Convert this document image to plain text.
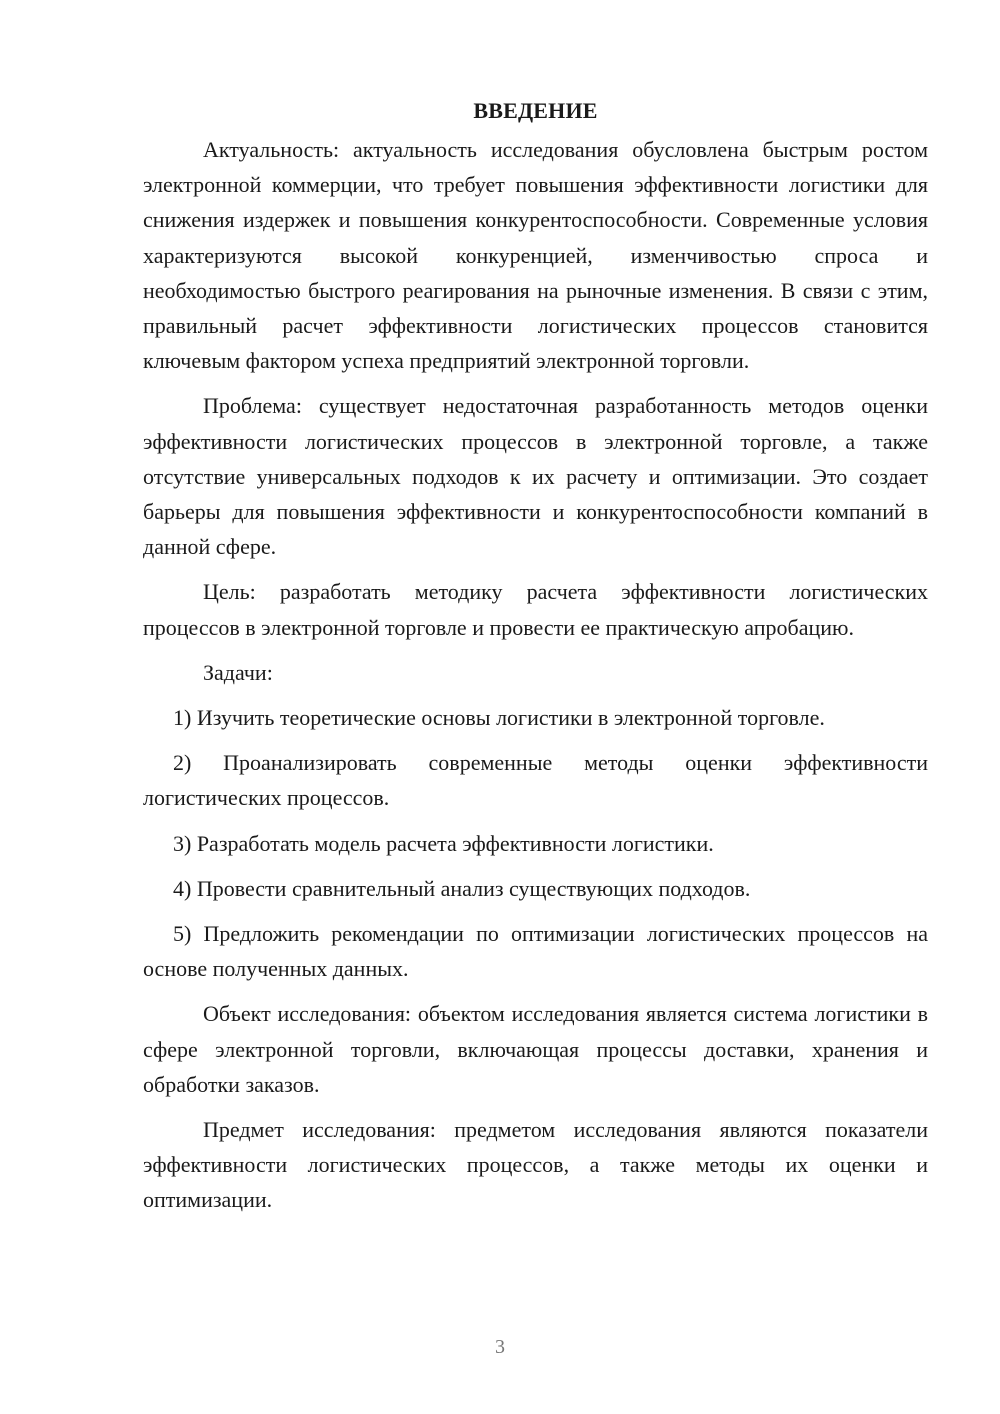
ВВЕДЕНИЕ

Актуальность: актуальность исследования обусловлена быстрым ростом электронной коммерции, что требует повышения эффективности логистики для снижения издержек и повышения конкурентоспособности. Современные условия характеризуются высокой конкуренцией, изменчивостью спроса и необходимостью быстрого реагирования на рыночные изменения. В связи с этим, правильный расчет эффективности логистических процессов становится ключевым фактором успеха предприятий электронной торговли.

Проблема: существует недостаточная разработанность методов оценки эффективности логистических процессов в электронной торговле, а также отсутствие универсальных подходов к их расчету и оптимизации. Это создает барьеры для повышения эффективности и конкурентоспособности компаний в данной сфере.

Цель: разработать методику расчета эффективности логистических процессов в электронной торговле и провести ее практическую апробацию.

Задачи:

1) Изучить теоретические основы логистики в электронной торговле.

2) Проанализировать современные методы оценки эффективности логистических процессов.

3) Разработать модель расчета эффективности логистики.

4) Провести сравнительный анализ существующих подходов.

5) Предложить рекомендации по оптимизации логистических процессов на основе полученных данных.

Объект исследования: объектом исследования является система логистики в сфере электронной торговли, включающая процессы доставки, хранения и обработки заказов.

Предмет исследования: предметом исследования являются показатели эффективности логистических процессов, а также методы их оценки и оптимизации.

3
